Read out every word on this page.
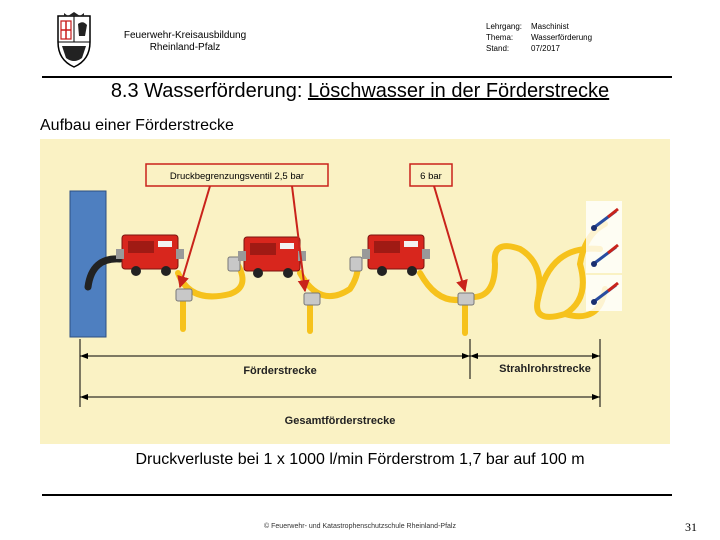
Feuerwehr-Kreisausbildung
Rheinland-Pfalz
Lehrgang: Maschinist
Thema: Wasserförderung
Stand:	07/2017
8.3 Wasserförderung: Löschwasser in der Förderstrecke
Aufbau einer Förderstrecke
Druckbegrenzungsventil 2,5 bar	6 bar
Förderstrecke	Strahlrohrstrecke
Gesamtförderstrecke
Druckverluste bei 1 x 1000 l/min Förderstrom 1,7 bar auf 100 m
© Feuerwehr- und Katastrophenschutzschule Rheinland-Pfalz	31
